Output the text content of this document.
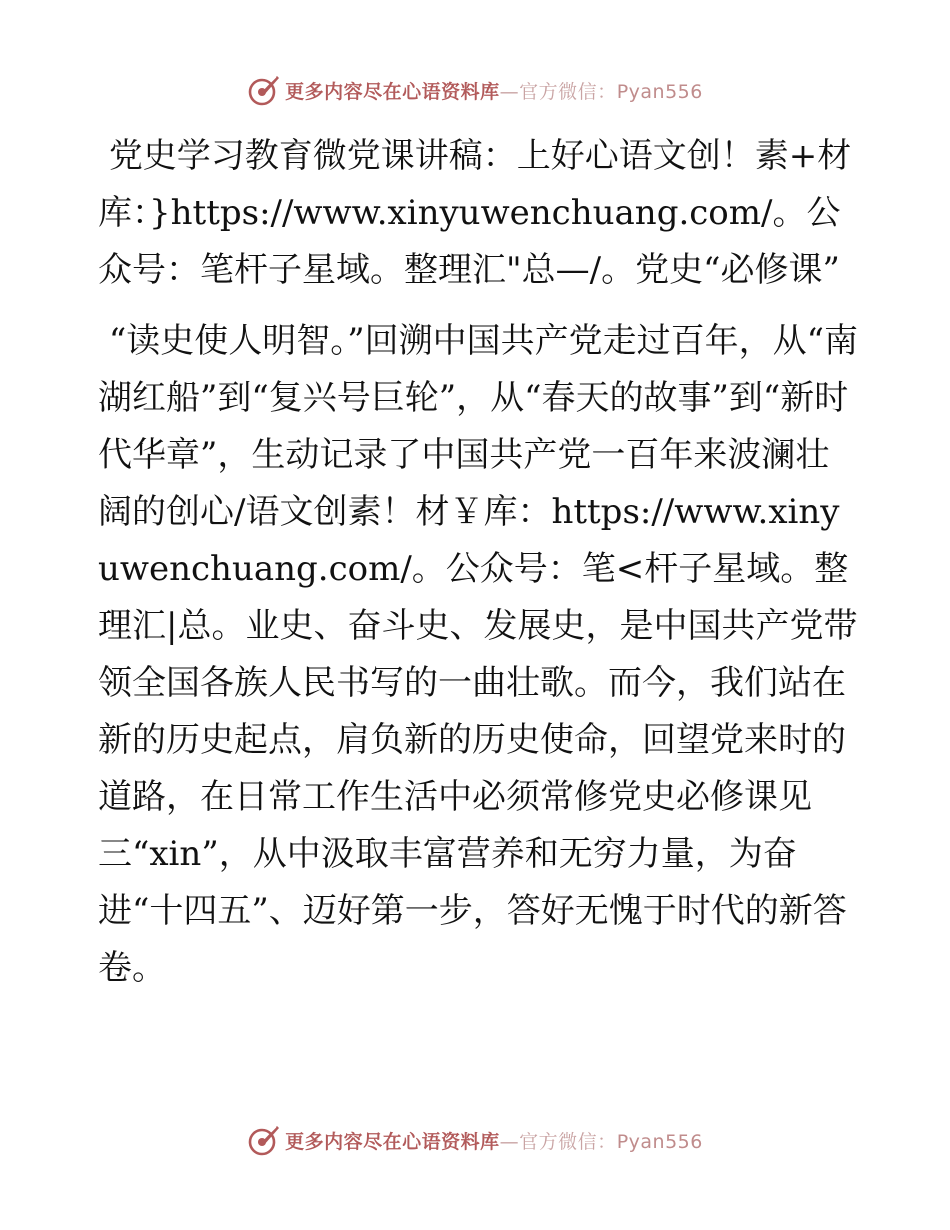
更多内容尽在心语资料库—官方微信：Pyan556

党史学习教育微党课讲稿：上好心语文创！素+材库：}https://www.xinyuwenchuang.com/。公众号：笔杆子星域。整理汇"总—/。党史“必修课”

“读史使人明智。”回溯中国共产党走过百年，从“南湖红船”到“复兴号巨轮”，从“春天的故事”到“新时代华章”，生动记录了中国共产党一百年来波澜壮阔的创心/语文创素！材￥库：https://www.xinyuwenchuang.com/。公众号：笔<杆子星域。整理汇|总。业史、奋斗史、发展史，是中国共产党带领全国各族人民书写的一曲壮歌。而今，我们站在新的历史起点，肩负新的历史使命，回望党来时的道路，在日常工作生活中必须常修党史必修课见三“xin”，从中汲取丰富营养和无穷力量，为奋进“十四五”、迈好第一步，答好无愧于时代的新答卷。

更多内容尽在心语资料库—官方微信：Pyan556
